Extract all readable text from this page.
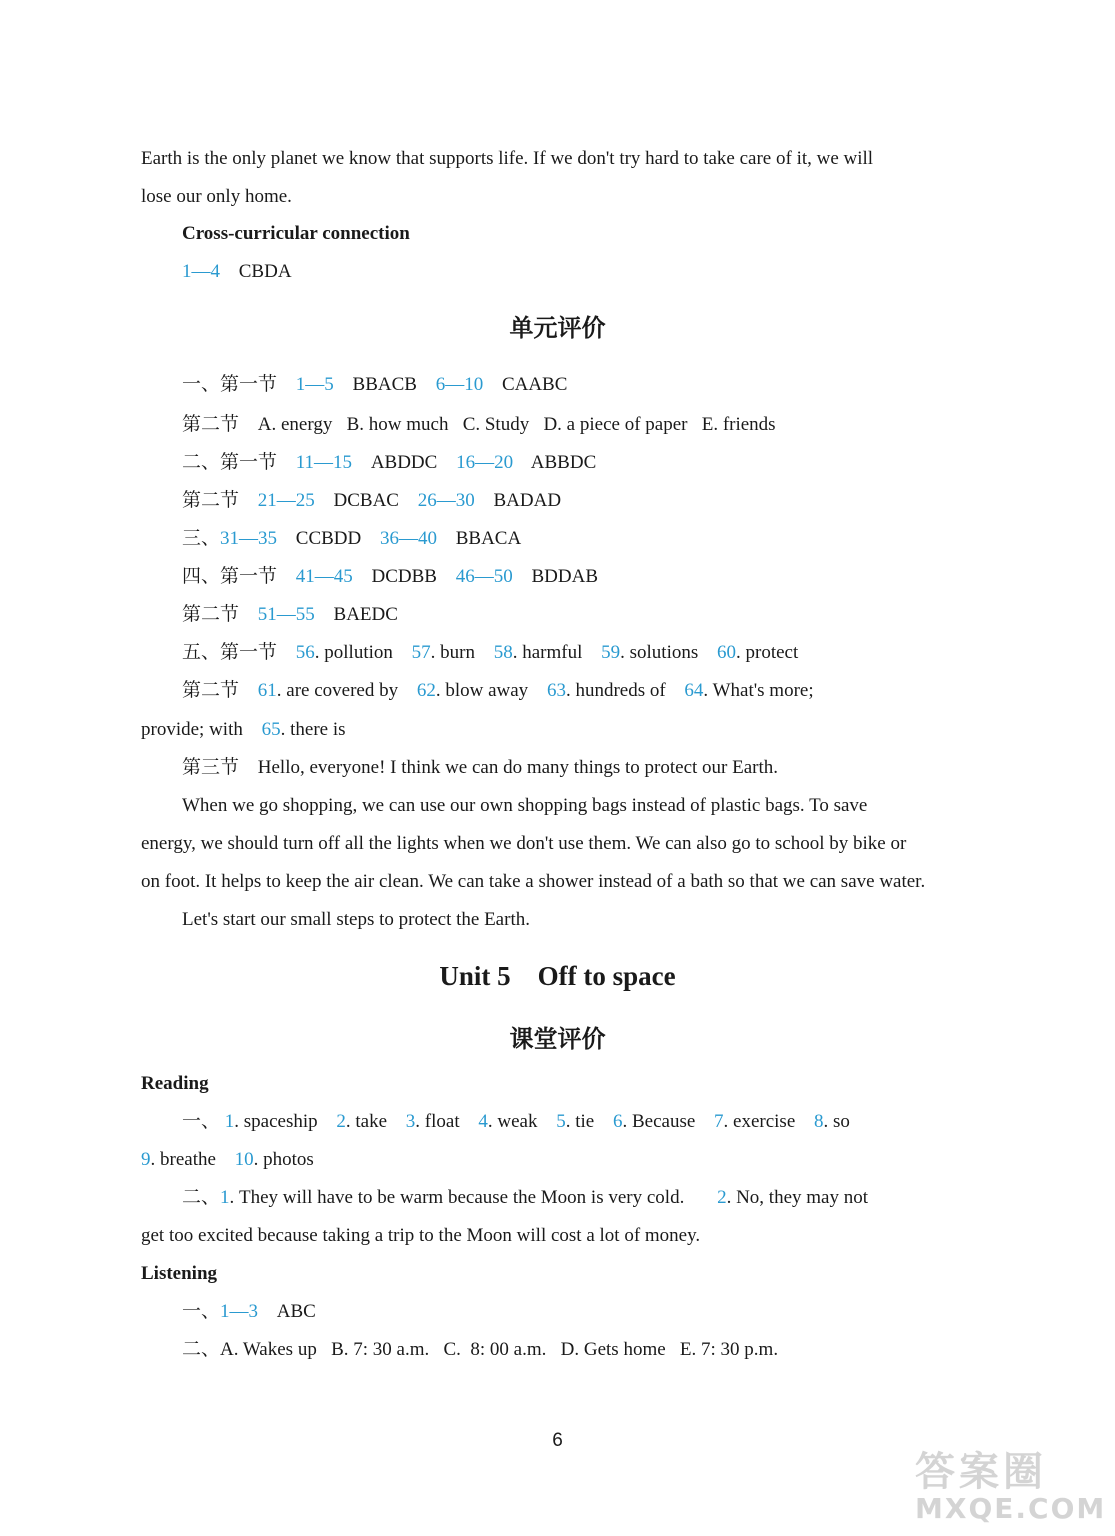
Earth is the only planet we know that supports life. If we don't try hard to take care of it, we will
lose our only home.
Cross-curricular connection
1—4 CBDA
单元评价
一、第一节 1—5 BBACB 6—10 CAABC
第二节 A. energy   B. how much   C. Study   D. a piece of paper   E. friends
二、第一节 11—15 ABDDC 16—20 ABBDC
第二节 21—25 DCBAC 26—30 BADAD
三、31—35 CCBDD 36—40 BBACA
四、第一节 41—45 DCDBB 46—50 BDDAB
第二节 51—55 BAEDC
五、第一节 56. pollution 57. burn 58. harmful 59. solutions 60. protect
第二节 61. are covered by 62. blow away 63. hundreds of 64. What's more;
provide; with 65. there is
第三节 Hello, everyone! I think we can do many things to protect our Earth.
When we go shopping, we can use our own shopping bags instead of plastic bags. To save
energy, we should turn off all the lights when we don't use them. We can also go to school by bike or
on foot. It helps to keep the air clean. We can take a shower instead of a bath so that we can save water.
Let's start our small steps to protect the Earth.
Unit 5    Off to space
课堂评价
Reading
一、 1. spaceship 2. take 3. float 4. weak 5. tie 6. Because 7. exercise 8. so
9. breathe 10. photos
二、1. They will have to be warm because the Moon is very cold. 2. No, they may not
get too excited because taking a trip to the Moon will cost a lot of money.
Listening
一、1—3 ABC
二、A. Wakes up   B. 7: 30 a.m.   C.  8: 00 a.m.   D. Gets home   E. 7: 30 p.m.
6
答案圈
MXQE.COM
